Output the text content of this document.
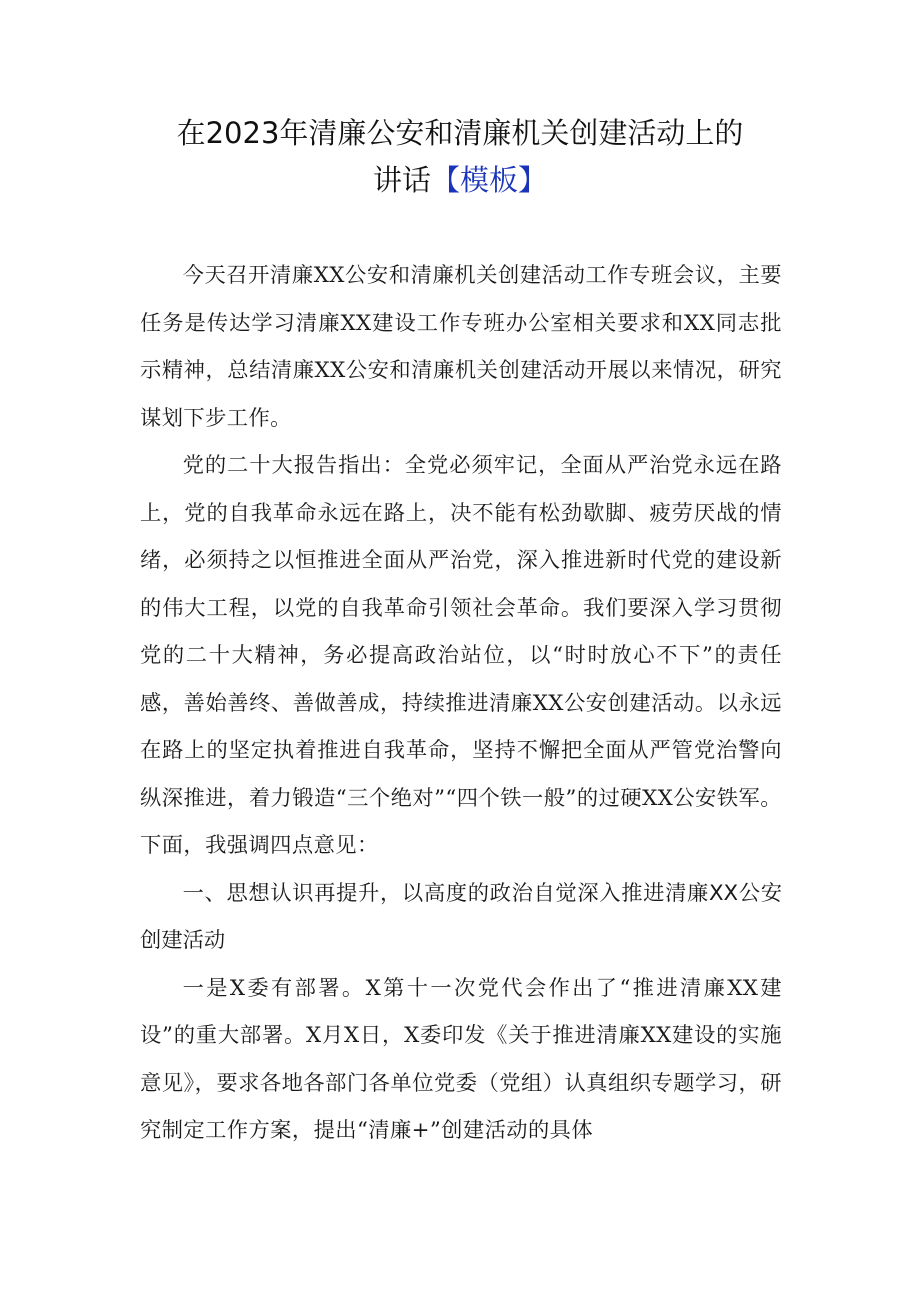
在2023年清廉公安和清廉机关创建活动上的
讲话【模板】

今天召开清廉XX公安和清廉机关创建活动工作专班会议，主要任务是传达学习清廉XX建设工作专班办公室相关要求和XX同志批示精神，总结清廉XX公安和清廉机关创建活动开展以来情况，研究谋划下步工作。

党的二十大报告指出：全党必须牢记，全面从严治党永远在路上，党的自我革命永远在路上，决不能有松劲歇脚、疲劳厌战的情绪，必须持之以恒推进全面从严治党，深入推进新时代党的建设新的伟大工程，以党的自我革命引领社会革命。我们要深入学习贯彻党的二十大精神，务必提高政治站位，以“时时放心不下”的责任感，善始善终、善做善成，持续推进清廉XX公安创建活动。以永远在路上的坚定执着推进自我革命，坚持不懈把全面从严管党治警向纵深推进，着力锻造“三个绝对”“四个铁一般”的过硬XX公安铁军。下面，我强调四点意见：

一、思想认识再提升，以高度的政治自觉深入推进清廉XX公安创建活动

一是X委有部署。X第十一次党代会作出了“推进清廉XX建设”的重大部署。X月X日，X委印发《关于推进清廉XX建设的实施意见》，要求各地各部门各单位党委（党组）认真组织专题学习，研究制定工作方案，提出“清廉+”创建活动的具体
